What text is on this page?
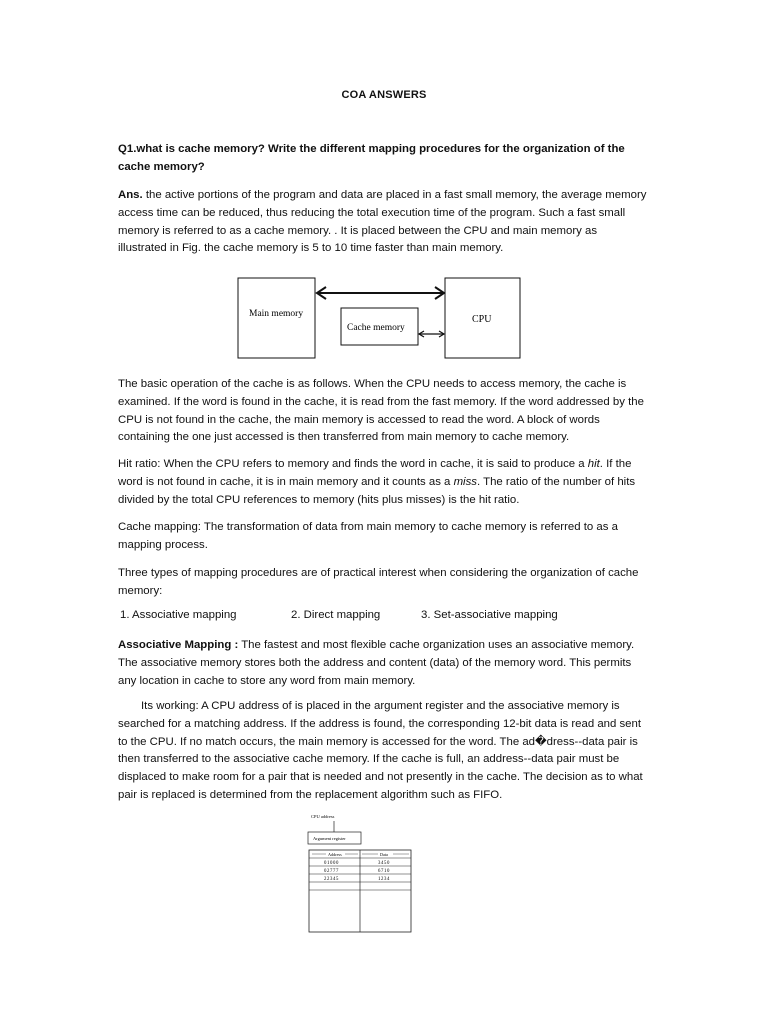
COA ANSWERS
Q1.what is cache memory? Write the different mapping procedures for the organization of the cache memory?
Ans. the active portions of the program and data are placed in a fast small memory, the average memory access time can be reduced, thus reducing the total execution time of the program. Such a fast small memory is referred to as a cache memory. . It is placed between the CPU and main memory as illustrated in Fig. the cache memory is 5 to 10 time faster than main memory.
Main memory
Cache memory
CPU
The basic operation of the cache is as follows. When the CPU needs to access memory, the cache is examined. If the word is found in the cache, it is read from the fast memory. If the word addressed by the CPU is not found in the cache, the main memory is accessed to read the word. A block of words containing the one just accessed is then transferred from main memory to cache memory.
Hit ratio: When the CPU refers to memory and finds the word in cache, it is said to produce a hit. If the word is not found in cache, it is in main memory and it counts as a miss. The ratio of the number of hits divided by the total CPU references to memory (hits plus misses) is the hit ratio.
Cache mapping: The transformation of data from main memory to cache memory is referred to as a mapping process.
Three types of mapping procedures are of practical interest when considering the organization of cache memory:
1. Associative mapping	2. Direct mapping	3. Set-associative mapping
Associative Mapping : The fastest and most flexible cache organization uses an associative memory. The associative memory stores both the address and content (data) of the memory word. This permits any location in cache to store any word from main memory.
Its working: A CPU address of is placed in the argument register and the associative memory is searched for a matching address. If the address is found, the corresponding 12-bit data is read and sent to the CPU. If no match occurs, the main memory is accessed for the word. The ad�dress--data pair is then transferred to the associative cache memory. If the cache is full, an address--data pair must be displaced to make room for a pair that is needed and not presently in the cache. The decision as to what pair is replaced is determined from the replacement algorithm such as FIFO.
CPU address
Argument register
Address	Data
01000	3450
02777	6710
22345	1234
